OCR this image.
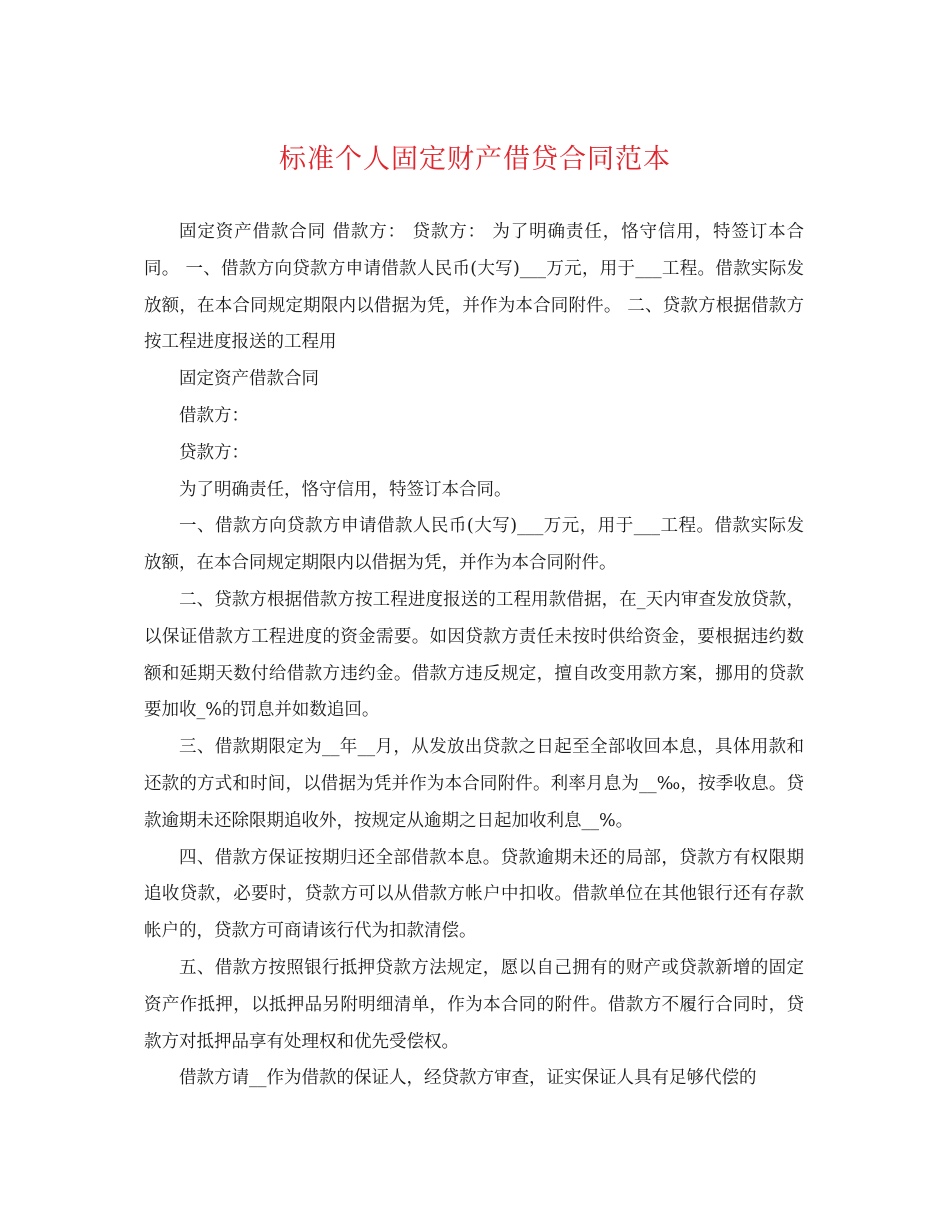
标准个人固定财产借贷合同范本

固定资产借款合同 借款方： 贷款方： 为了明确责任，恪守信用，特签订本合同。 一、借款方向贷款方申请借款人民币(大写)___万元，用于___工程。借款实际发放额，在本合同规定期限内以借据为凭，并作为本合同附件。 二、贷款方根据借款方按工程进度报送的工程用

固定资产借款合同

借款方：

贷款方：

为了明确责任，恪守信用，特签订本合同。

一、借款方向贷款方申请借款人民币(大写)___万元，用于___工程。借款实际发放额，在本合同规定期限内以借据为凭，并作为本合同附件。

二、贷款方根据借款方按工程进度报送的工程用款借据，在_天内审查发放贷款，以保证借款方工程进度的资金需要。如因贷款方责任未按时供给资金，要根据违约数额和延期天数付给借款方违约金。借款方违反规定，擅自改变用款方案，挪用的贷款要加收_%的罚息并如数追回。

三、借款期限定为__年__月，从发放出贷款之日起至全部收回本息，具体用款和还款的方式和时间，以借据为凭并作为本合同附件。利率月息为__‰，按季收息。贷款逾期未还除限期追收外，按规定从逾期之日起加收利息__%。

四、借款方保证按期归还全部借款本息。贷款逾期未还的局部，贷款方有权限期追收贷款，必要时，贷款方可以从借款方帐户中扣收。借款单位在其他银行还有存款帐户的，贷款方可商请该行代为扣款清偿。

五、借款方按照银行抵押贷款方法规定，愿以自己拥有的财产或贷款新增的固定资产作抵押，以抵押品另附明细清单，作为本合同的附件。借款方不履行合同时，贷款方对抵押品享有处理权和优先受偿权。

借款方请__作为借款的保证人，经贷款方审查，证实保证人具有足够代偿的
